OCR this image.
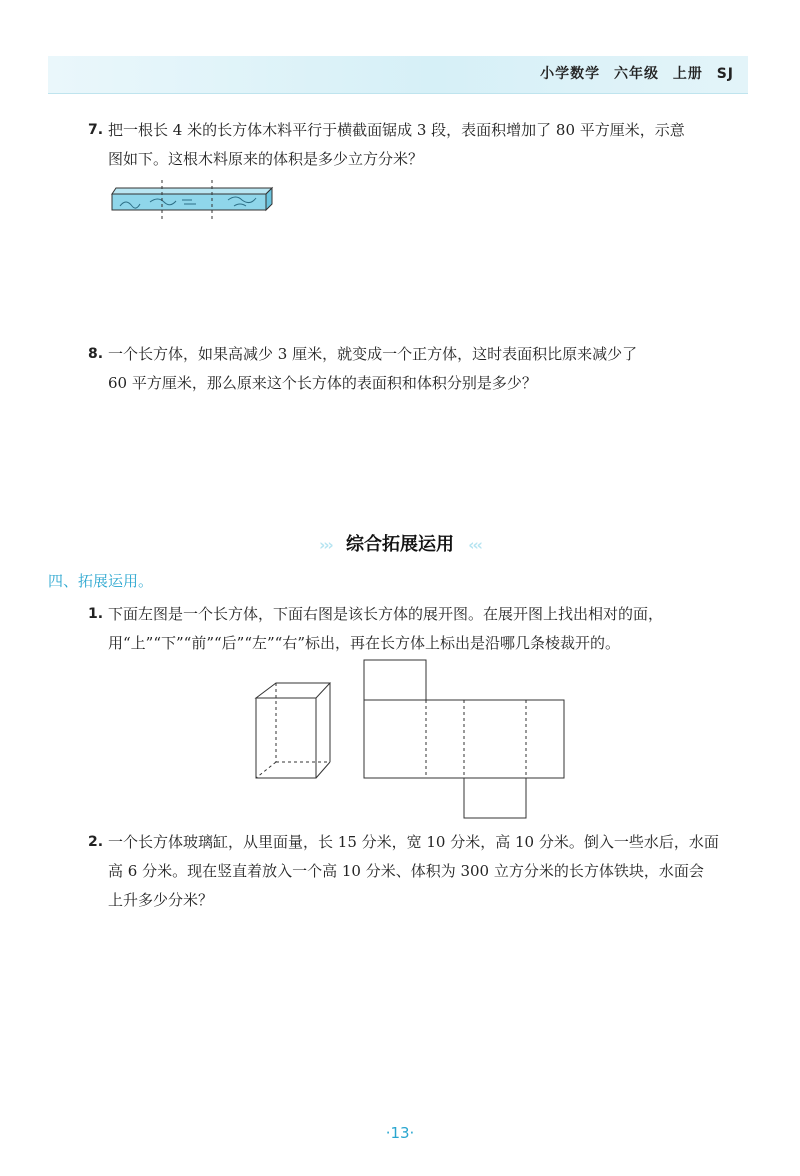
小学数学 六年级 上册 SJ
7. 把一根长 4 米的长方体木料平行于横截面锯成 3 段，表面积增加了 80 平方厘米，示意
图如下。这根木料原来的体积是多少立方分米？
8. 一个长方体，如果高减少 3 厘米，就变成一个正方体，这时表面积比原来减少了
60 平方厘米，那么原来这个长方体的表面积和体积分别是多少？
››› 综合拓展运用 ‹‹‹
四、拓展运用。
1. 下面左图是一个长方体，下面右图是该长方体的展开图。在展开图上找出相对的面，
用“上”“下”“前”“后”“左”“右”标出，再在长方体上标出是沿哪几条棱裁开的。
2. 一个长方体玻璃缸，从里面量，长 15 分米，宽 10 分米，高 10 分米。倒入一些水后，水面
高 6 分米。现在竖直着放入一个高 10 分米、体积为 300 立方分米的长方体铁块，水面会
上升多少分米？
·13·
